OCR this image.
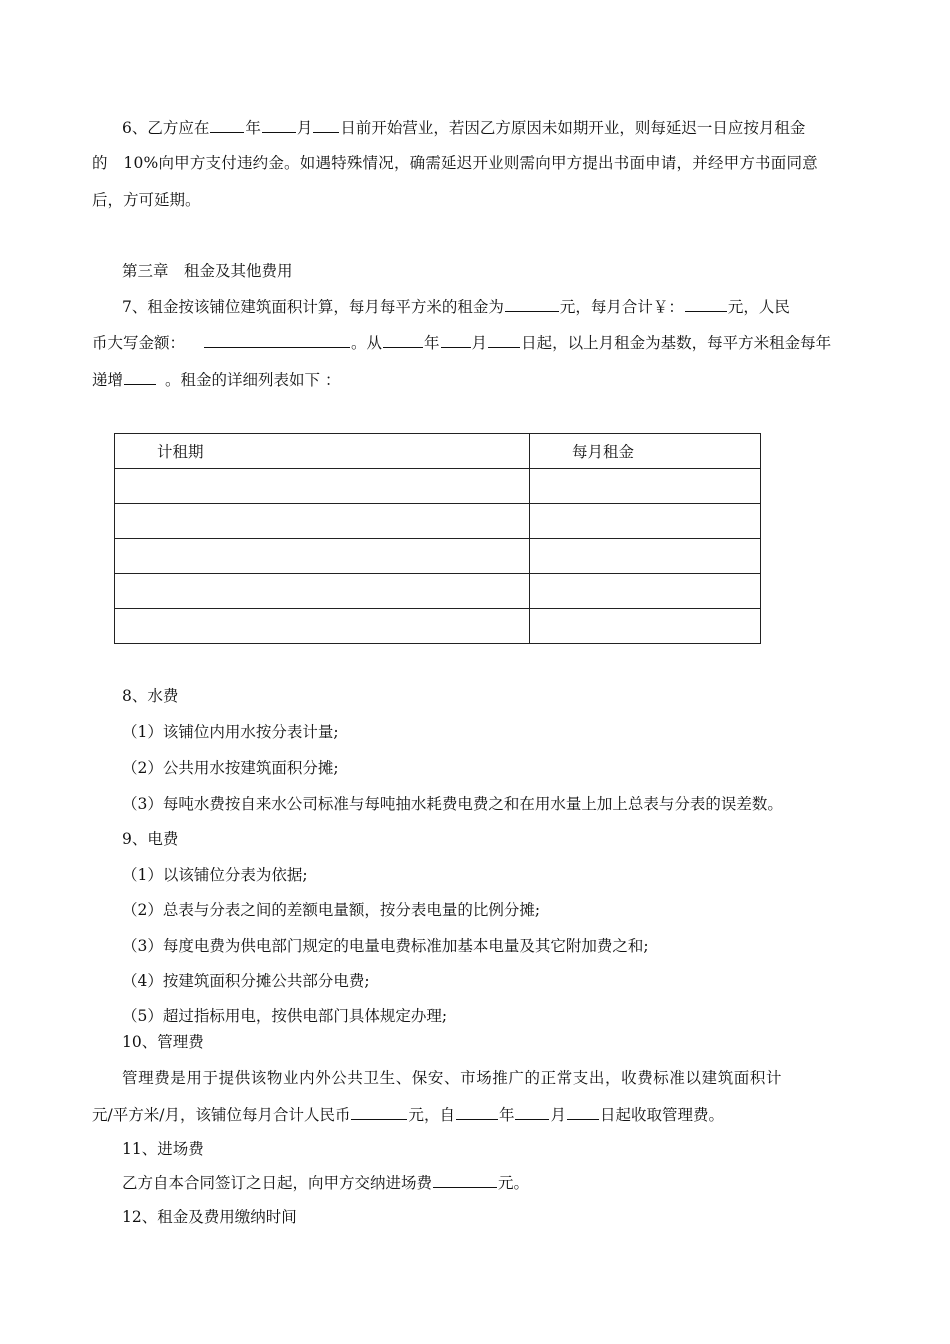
6、乙方应在 年 月 日前开始营业，若因乙方原因未如期开业，则每延迟一日应按月租金
的　10%向甲方支付违约金。如遇特殊情况，确需延迟开业则需向甲方提出书面申请，并经甲方书面同意
后，方可延期。
第三章　租金及其他费用
7、租金按该铺位建筑面积计算，每月每平方米的租金为	元，每月合计￥：	元，人民
币大写金额：	。从	年 月 日起，以上月租金为基数，每平方米租金每年
递增	。租金的详细列表如下 ：
计租期	每月租金

8、水费
（1）该铺位内用水按分表计量;
（2）公共用水按建筑面积分摊;
（3）每吨水费按自来水公司标准与每吨抽水耗费电费之和在用水量上加上总表与分表的误差数。
9、电费
（1）以该铺位分表为依据;
（2）总表与分表之间的差额电量额，按分表电量的比例分摊;
（3）每度电费为供电部门规定的电量电费标准加基本电量及其它附加费之和;
（4）按建筑面积分摊公共部分电费;
（5）超过指标用电，按供电部门具体规定办理;
10、管理费
管理费是用于提供该物业内外公共卫生、保安、市场推广的正常支出，收费标准以建筑面积计
元/平方米/月，该铺位每月合计人民币	元，自	年 月 日起收取管理费。
11、进场费
乙方自本合同签订之日起，向甲方交纳进场费	元。
12、租金及费用缴纳时间
